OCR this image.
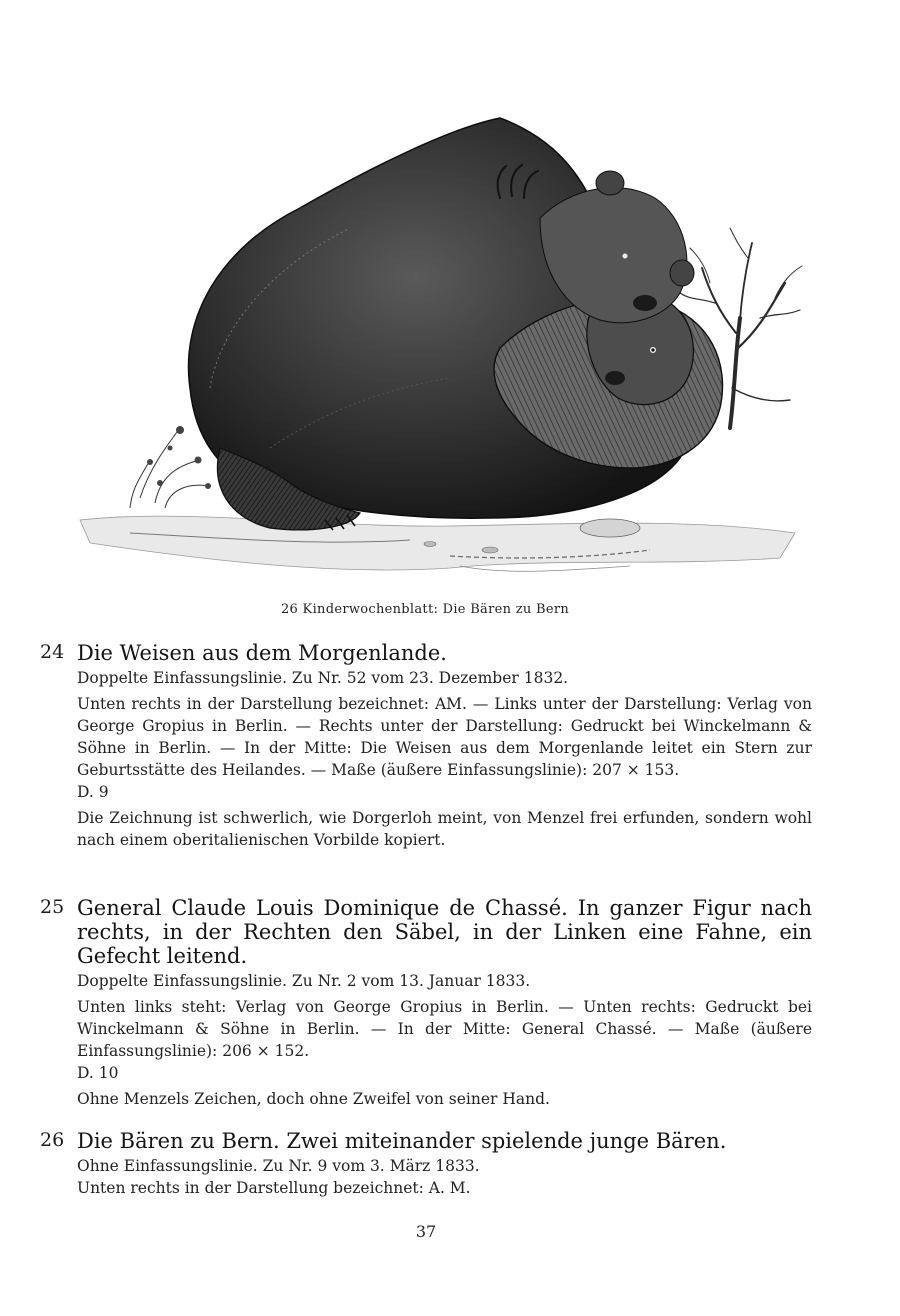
26 Kinderwochenblatt: Die Bären zu Bern
24 Die Weisen aus dem Morgenlande.
Doppelte Einfassungslinie. Zu Nr. 52 vom 23. Dezember 1832.
Unten rechts in der Darstellung bezeichnet: AM. — Links unter der Darstellung: Verlag von George Gropius in Berlin. — Rechts unter der Darstellung: Gedruckt bei Winckelmann & Söhne in Berlin. — In der Mitte: Die Weisen aus dem Morgenlande leitet ein Stern zur Geburtsstätte des Heilandes. — Maße (äußere Einfassungslinie): 207 × 153.
D. 9
Die Zeichnung ist schwerlich, wie Dorgerloh meint, von Menzel frei erfunden, sondern wohl nach einem oberitalienischen Vorbilde kopiert.
25 General Claude Louis Dominique de Chassé. In ganzer Figur nach rechts, in der Rechten den Säbel, in der Linken eine Fahne, ein Gefecht leitend.
Doppelte Einfassungslinie. Zu Nr. 2 vom 13. Januar 1833.
Unten links steht: Verlag von George Gropius in Berlin. — Unten rechts: Gedruckt bei Winckelmann & Söhne in Berlin. — In der Mitte: General Chassé. — Maße (äußere Einfassungslinie): 206 × 152.
D. 10
Ohne Menzels Zeichen, doch ohne Zweifel von seiner Hand.
26 Die Bären zu Bern. Zwei miteinander spielende junge Bären.
Ohne Einfassungslinie. Zu Nr. 9 vom 3. März 1833.
Unten rechts in der Darstellung bezeichnet: A. M.
37
